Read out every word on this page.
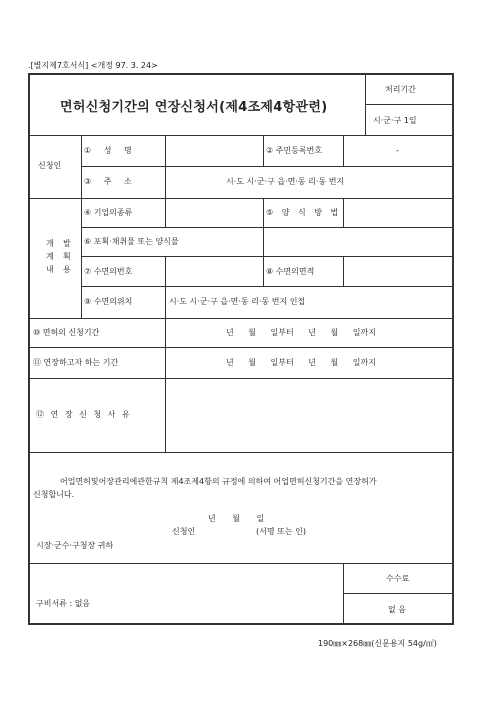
.[별지제7호서식] <개정 97. 3. 24>
면허신청기간의 연장신청서(제4조제4항관련)
처리기간
시·군·구 1일
신청인
① 성 명	② 주민등록번호	-
③ 주 소	시·도 시·군·구 읍·면·동 리·동 번지
개 발
계 획
내 용
④ 기업의종류	⑤ 양 식 방 법
⑥ 포획·채취물 또는 양식물
⑦ 수면의번호	⑧ 수면의면적
⑨ 수면의위치	시·도 시·군·구 읍·면·동 리·동 번지 인접
⑩ 면허의 신청기간	년 월 일부터 년 월 일까지
⑪ 연장하고자 하는 기간	년 월 일부터 년 월 일까지
⑫ 연 장 신 청 사 유
어업면허및어장관리에관한규칙 제4조제4항의 규정에 의하여 어업면허신청기간을 연장허가
신청합니다.
년 월 일
신청인	(서명 또는 인)
시장·군수·구청장 귀하
구비서류 : 없음
수수료
없 음
190㎜×268㎜(신문용지 54g/㎡)
